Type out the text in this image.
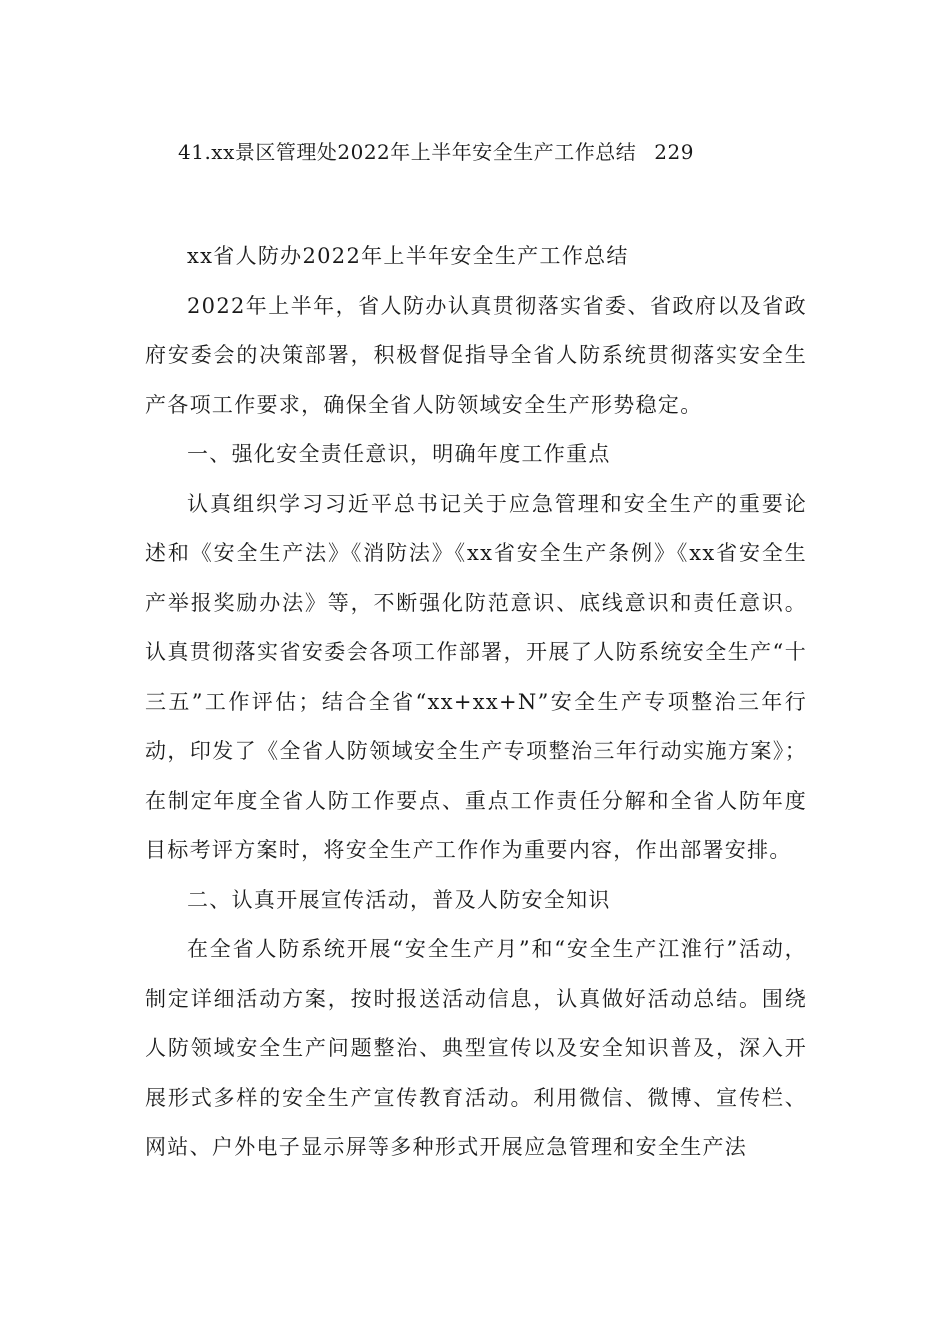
41.xx景区管理处2022年上半年安全生产工作总结 229

xx省人防办2022年上半年安全生产工作总结

2022年上半年，省人防办认真贯彻落实省委、省政府以及省政府安委会的决策部署，积极督促指导全省人防系统贯彻落实安全生产各项工作要求，确保全省人防领域安全生产形势稳定。

一、强化安全责任意识，明确年度工作重点

认真组织学习习近平总书记关于应急管理和安全生产的重要论述和《安全生产法》《消防法》《xx省安全生产条例》《xx省安全生产举报奖励办法》等，不断强化防范意识、底线意识和责任意识。认真贯彻落实省安委会各项工作部署，开展了人防系统安全生产“十三五”工作评估；结合全省“xx+xx+N”安全生产专项整治三年行动，印发了《全省人防领域安全生产专项整治三年行动实施方案》；在制定年度全省人防工作要点、重点工作责任分解和全省人防年度目标考评方案时，将安全生产工作作为重要内容，作出部署安排。

二、认真开展宣传活动，普及人防安全知识

在全省人防系统开展“安全生产月”和“安全生产江淮行”活动，制定详细活动方案，按时报送活动信息，认真做好活动总结。围绕人防领域安全生产问题整治、典型宣传以及安全知识普及，深入开展形式多样的安全生产宣传教育活动。利用微信、微博、宣传栏、网站、户外电子显示屏等多种形式开展应急管理和安全生产法
